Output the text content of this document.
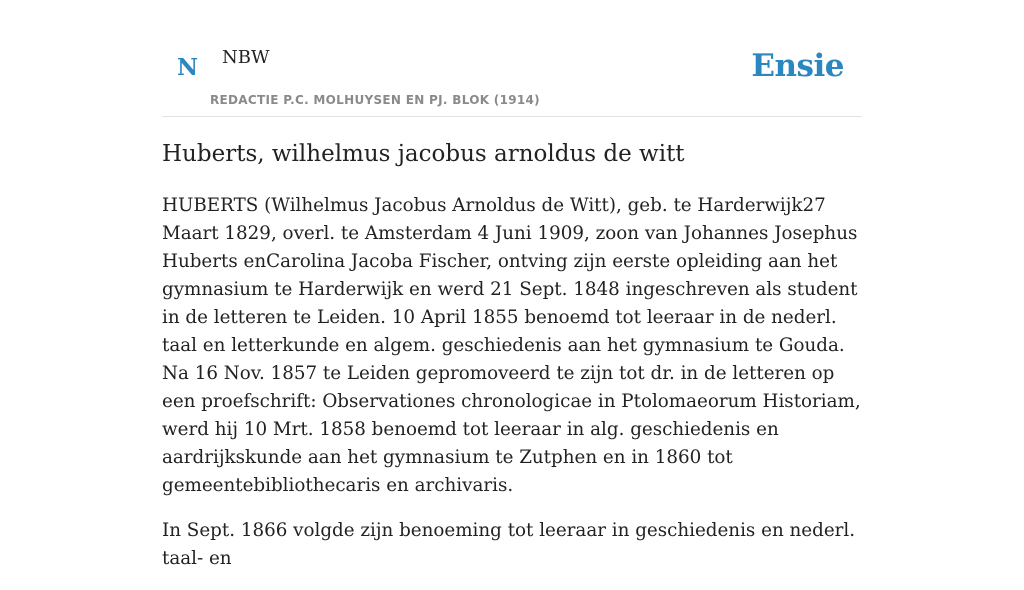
N NBW
REDACTIE P.C. MOLHUYSEN EN PJ. BLOK (1914)
Ensie
Huberts, wilhelmus jacobus arnoldus de witt

HUBERTS (Wilhelmus Jacobus Arnoldus de Witt), geb. te Harderwijk27 Maart 1829, overl. te Amsterdam 4 Juni 1909, zoon van Johannes Josephus Huberts enCarolina Jacoba Fischer, ontving zijn eerste opleiding aan het gymnasium te Harderwijk en werd 21 Sept. 1848 ingeschreven als student in de letteren te Leiden. 10 April 1855 benoemd tot leeraar in de nederl. taal en letterkunde en algem. geschiedenis aan het gymnasium te Gouda. Na 16 Nov. 1857 te Leiden gepromoveerd te zijn tot dr. in de letteren op een proefschrift: Observationes chronologicae in Ptolomaeorum Historiam, werd hij 10 Mrt. 1858 benoemd tot leeraar in alg. geschiedenis en aardrijkskunde aan het gymnasium te Zutphen en in 1860 tot gemeentebibliothecaris en archivaris.

In Sept. 1866 volgde zijn benoeming tot leeraar in geschiedenis en nederl. taal- en
